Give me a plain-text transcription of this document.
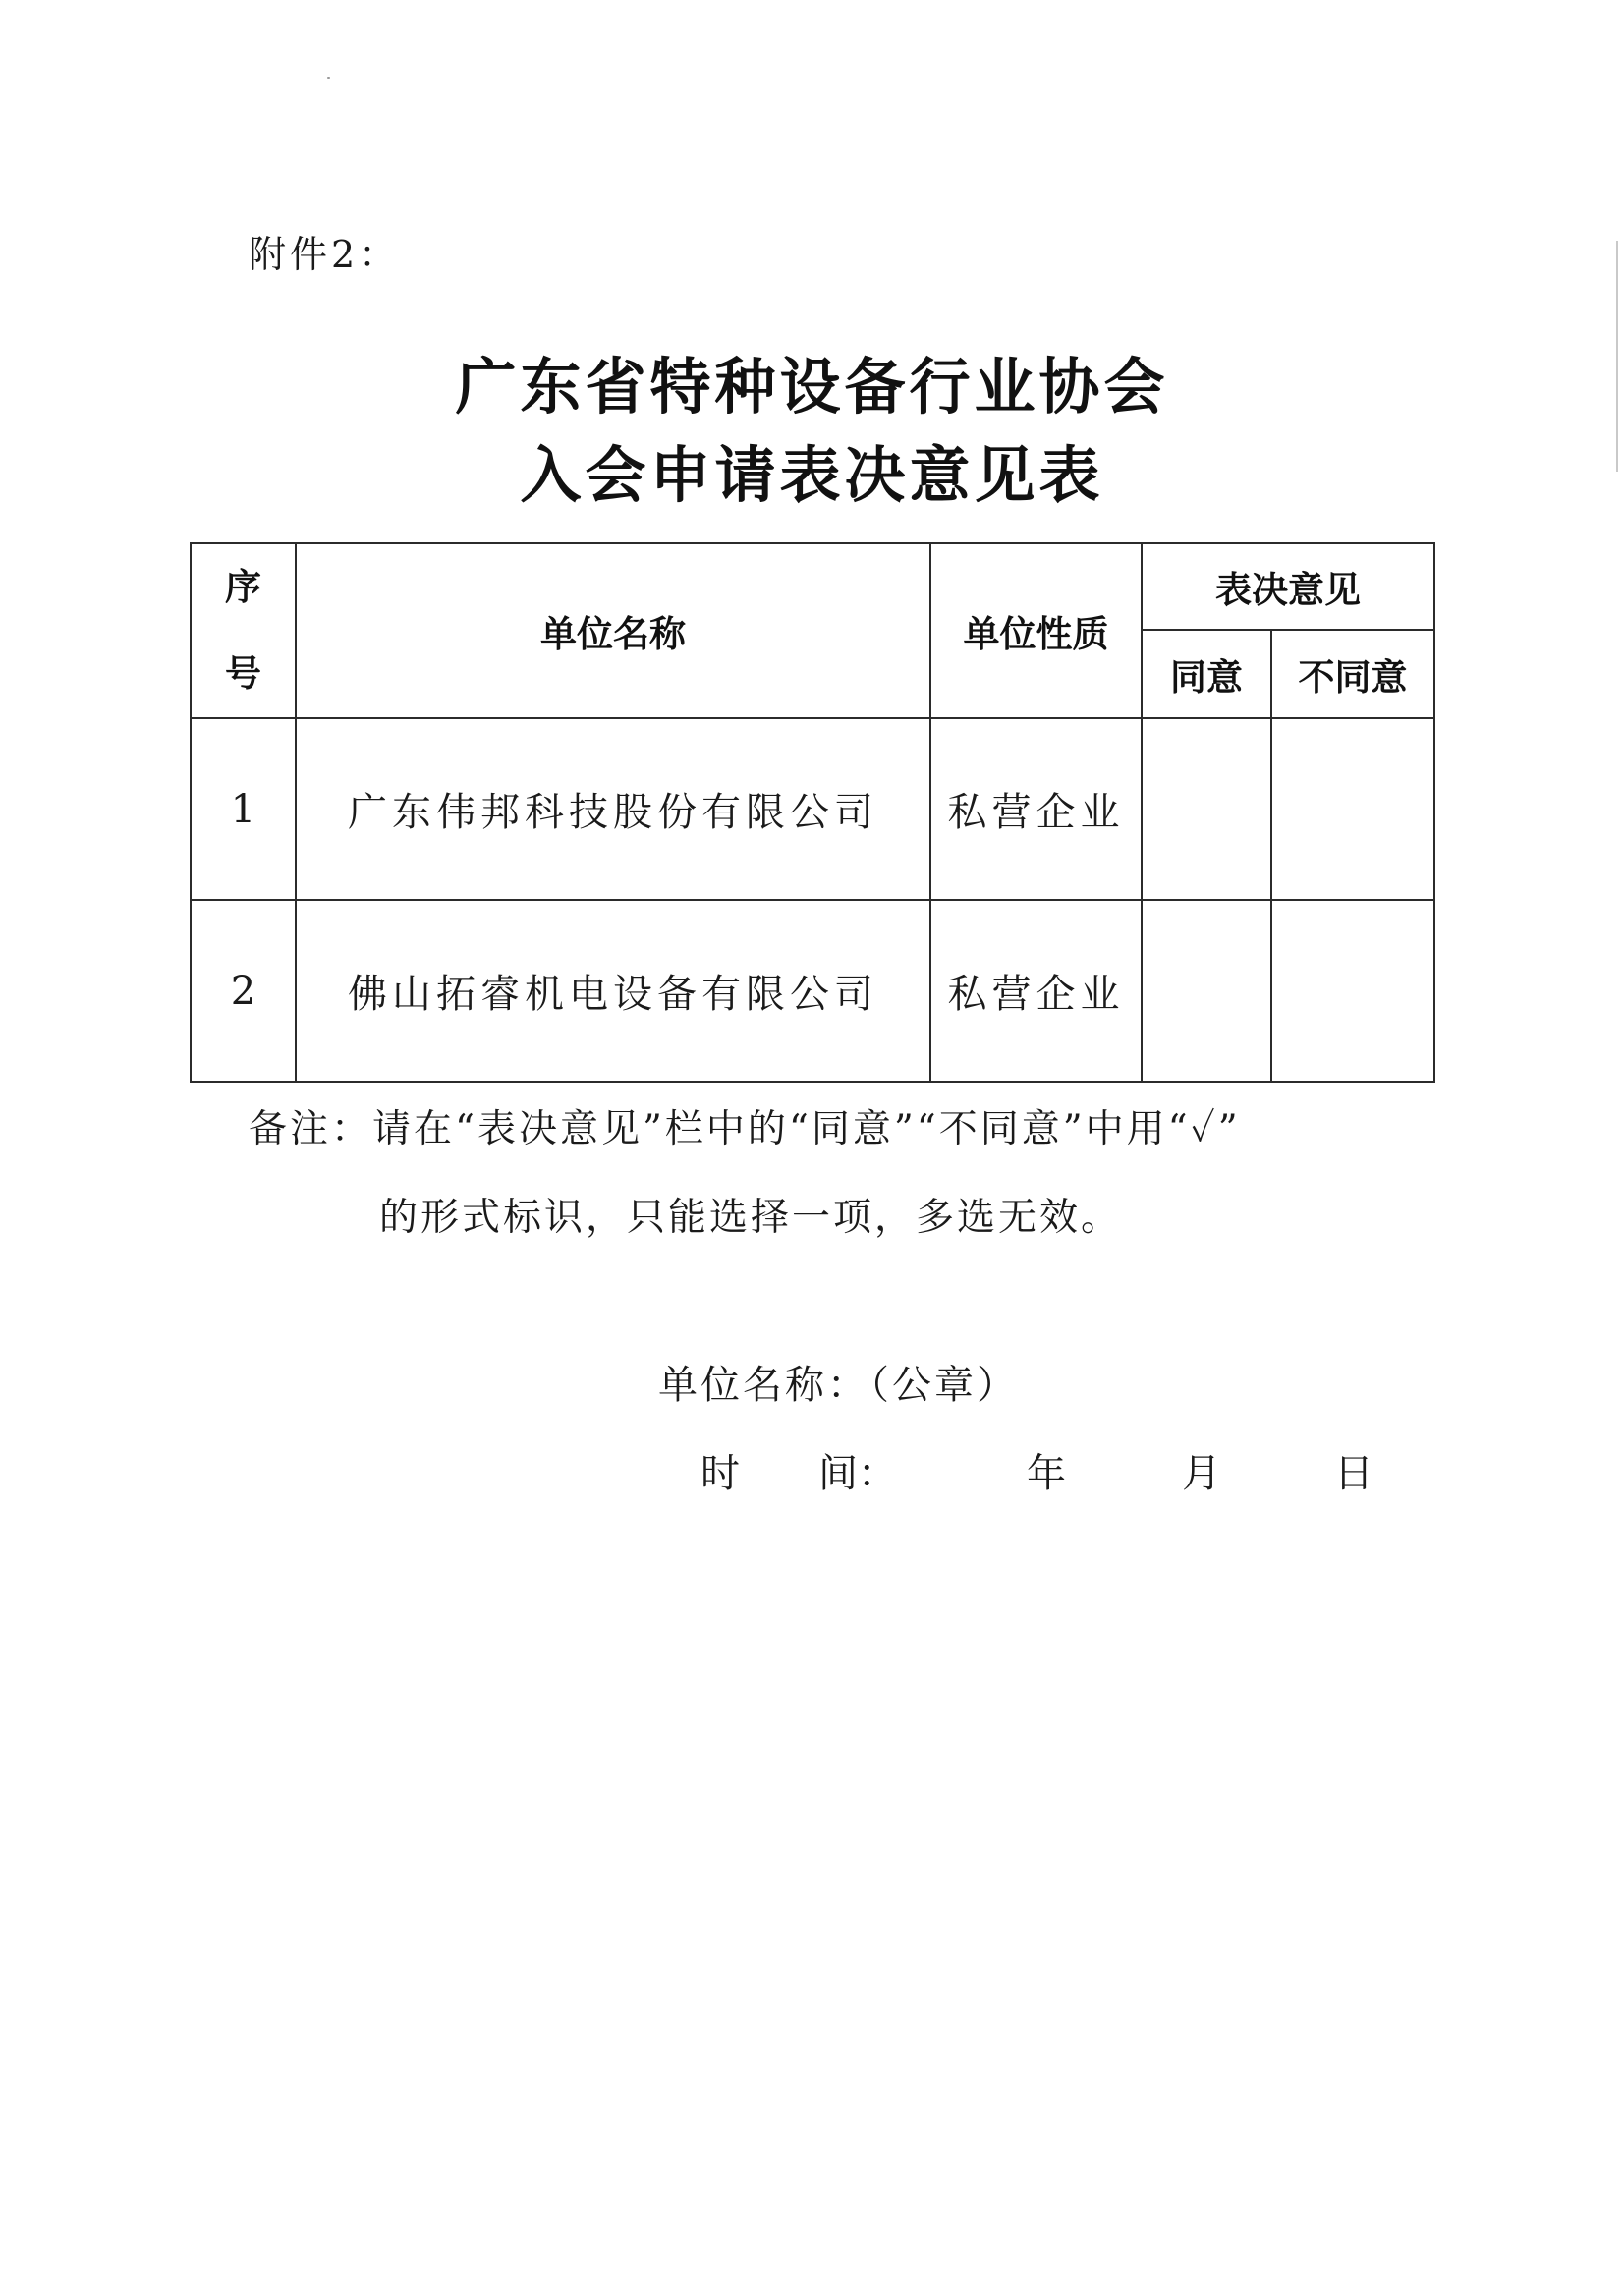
附件2：
广东省特种设备行业协会
入会申请表决意见表
序
号	单位名称	单位性质	表决意见	
			同意	不同意
1	广东伟邦科技股份有限公司	私营企业		
2	佛山拓睿机电设备有限公司	私营企业		
备注：请在“表决意见”栏中的“同意”“不同意”中用“✓”
的形式标识，只能选择一项，多选无效。
单位名称：（公章）
时　　间：	年	月	日
